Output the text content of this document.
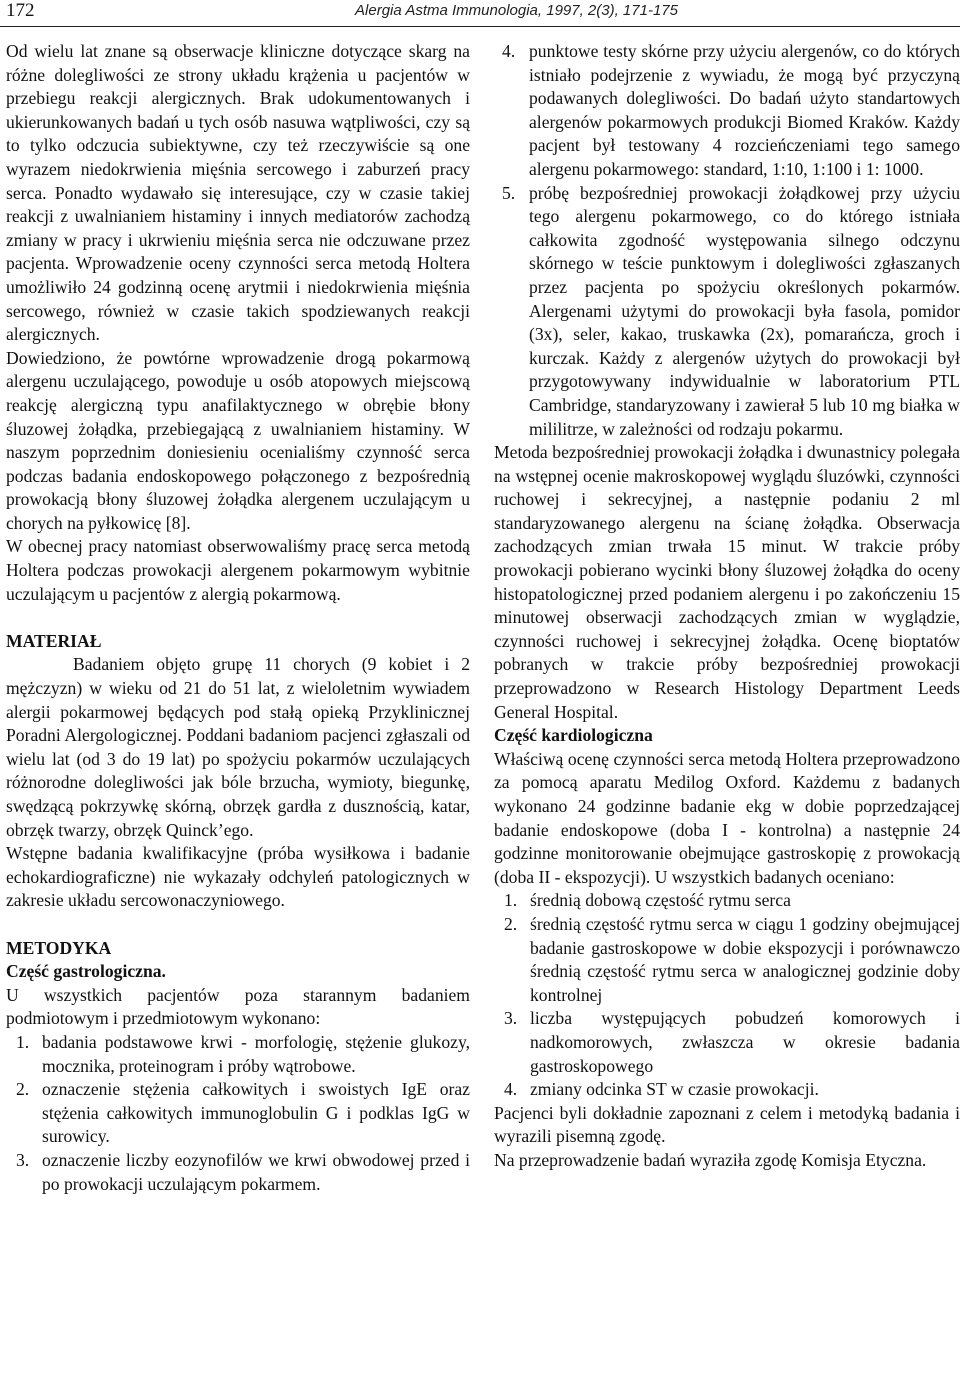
172	Alergia Astma Immunologia, 1997, 2(3), 171-175

Od wielu lat znane są obserwacje kliniczne dotyczące skarg na różne dolegliwości ze strony układu krążenia u pacjentów w przebiegu reakcji alergicznych. Brak udokumentowanych i ukierunkowanych badań u tych osób nasuwa wątpliwości, czy są to tylko odczucia subiektywne, czy też rzeczywiście są one wyrazem niedokrwienia mięśnia sercowego i zaburzeń pracy serca. Ponadto wydawało się interesujące, czy w czasie takiej reakcji z uwalnianiem histaminy i innych mediatorów zachodzą zmiany w pracy i ukrwieniu mięśnia serca nie odczuwane przez pacjenta. Wprowadzenie oceny czynności serca metodą Holtera umożliwiło 24 godzinną ocenę arytmii i niedokrwienia mięśnia sercowego, również w czasie takich spodziewanych reakcji alergicznych.

Dowiedziono, że powtórne wprowadzenie drogą pokarmową alergenu uczulającego, powoduje u osób atopowych miejscową reakcję alergiczną typu anafilaktycznego w obrębie błony śluzowej żołądka, przebiegającą z uwalnianiem histaminy. W naszym poprzednim doniesieniu ocenialiśmy czynność serca podczas badania endoskopowego połączonego z bezpośrednią prowokacją błony śluzowej żołądka alergenem uczulającym u chorych na pyłkowicę [8].

W obecnej pracy natomiast obserwowaliśmy pracę serca metodą Holtera podczas prowokacji alergenem pokarmowym wybitnie uczulającym u pacjentów z alergią pokarmową.

MATERIAŁ

Badaniem objęto grupę 11 chorych (9 kobiet i 2 mężczyzn) w wieku od 21 do 51 lat, z wieloletnim wywiadem alergii pokarmowej będących pod stałą opieką Przyklinicznej Poradni Alergologicznej. Poddani badaniom pacjenci zgłaszali od wielu lat (od 3 do 19 lat) po spożyciu pokarmów uczulających różnorodne dolegliwości jak bóle brzucha, wymioty, biegunkę, swędzącą pokrzywkę skórną, obrzęk gardła z dusznością, katar, obrzęk twarzy, obrzęk Quinck’ego.

Wstępne badania kwalifikacyjne (próba wysiłkowa i badanie echokardiograficzne) nie wykazały odchyleń patologicznych w zakresie układu sercowonaczyniowego.

METODYKA
Część gastrologiczna.

U wszystkich pacjentów poza starannym badaniem podmiotowym i przedmiotowym wykonano:

1. badania podstawowe krwi - morfologię, stężenie glukozy, mocznika, proteinogram i próby wątrobowe.
2. oznaczenie stężenia całkowitych i swoistych IgE oraz stężenia całkowitych immunoglobulin G i podklas IgG w surowicy.
3. oznaczenie liczby eozynofilów we krwi obwodowej przed i po prowokacji uczulającym pokarmem.
4. punktowe testy skórne przy użyciu alergenów, co do których istniało podejrzenie z wywiadu, że mogą być przyczyną podawanych dolegliwości. Do badań użyto standartowych alergenów pokarmowych produkcji Biomed Kraków. Każdy pacjent był testowany 4 rozcieńczeniami tego samego alergenu pokarmowego: standard, 1:10, 1:100 i 1: 1000.
5. próbę bezpośredniej prowokacji żołądkowej przy użyciu tego alergenu pokarmowego, co do którego istniała całkowita zgodność występowania silnego odczynu skórnego w teście punktowym i dolegliwości zgłaszanych przez pacjenta po spożyciu określonych pokarmów. Alergenami użytymi do prowokacji była fasola, pomidor (3x), seler, kakao, truskawka (2x), pomarańcza, groch i kurczak. Każdy z alergenów użytych do prowokacji był przygotowywany indywidualnie w laboratorium PTL Cambridge, standaryzowany i zawierał 5 lub 10 mg białka w mililitrze, w zależności od rodzaju pokarmu.

Metoda bezpośredniej prowokacji żołądka i dwunastnicy polegała na wstępnej ocenie makroskopowej wyglądu śluzówki, czynności ruchowej i sekrecyjnej, a następnie podaniu 2 ml standaryzowanego alergenu na ścianę żołądka. Obserwacja zachodzących zmian trwała 15 minut. W trakcie próby prowokacji pobierano wycinki błony śluzowej żołądka do oceny histopatologicznej przed podaniem alergenu i po zakończeniu 15 minutowej obserwacji zachodzących zmian w wyglądzie, czynności ruchowej i sekrecyjnej żołądka. Ocenę bioptatów pobranych w trakcie próby bezpośredniej prowokacji przeprowadzono w Research Histology Department Leeds General Hospital.

Część kardiologiczna

Właściwą ocenę czynności serca metodą Holtera przeprowadzono za pomocą aparatu Medilog Oxford. Każdemu z badanych wykonano 24 godzinne badanie ekg w dobie poprzedzającej badanie endoskopowe (doba I - kontrolna) a następnie 24 godzinne monitorowanie obejmujące gastroskopię z prowokacją (doba II - ekspozycji). U wszystkich badanych oceniano:

1. średnią dobową częstość rytmu serca
2. średnią częstość rytmu serca w ciągu 1 godziny obejmującej badanie gastroskopowe w dobie ekspozycji i porównawczo średnią częstość rytmu serca w analogicznej godzinie doby kontrolnej
3. liczba występujących pobudzeń komorowych i nadkomorowych, zwłaszcza w okresie badania gastroskopowego
4. zmiany odcinka ST w czasie prowokacji.

Pacjenci byli dokładnie zapoznani z celem i metodyką badania i wyrazili pisemną zgodę.

Na przeprowadzenie badań wyraziła zgodę Komisja Etyczna.
